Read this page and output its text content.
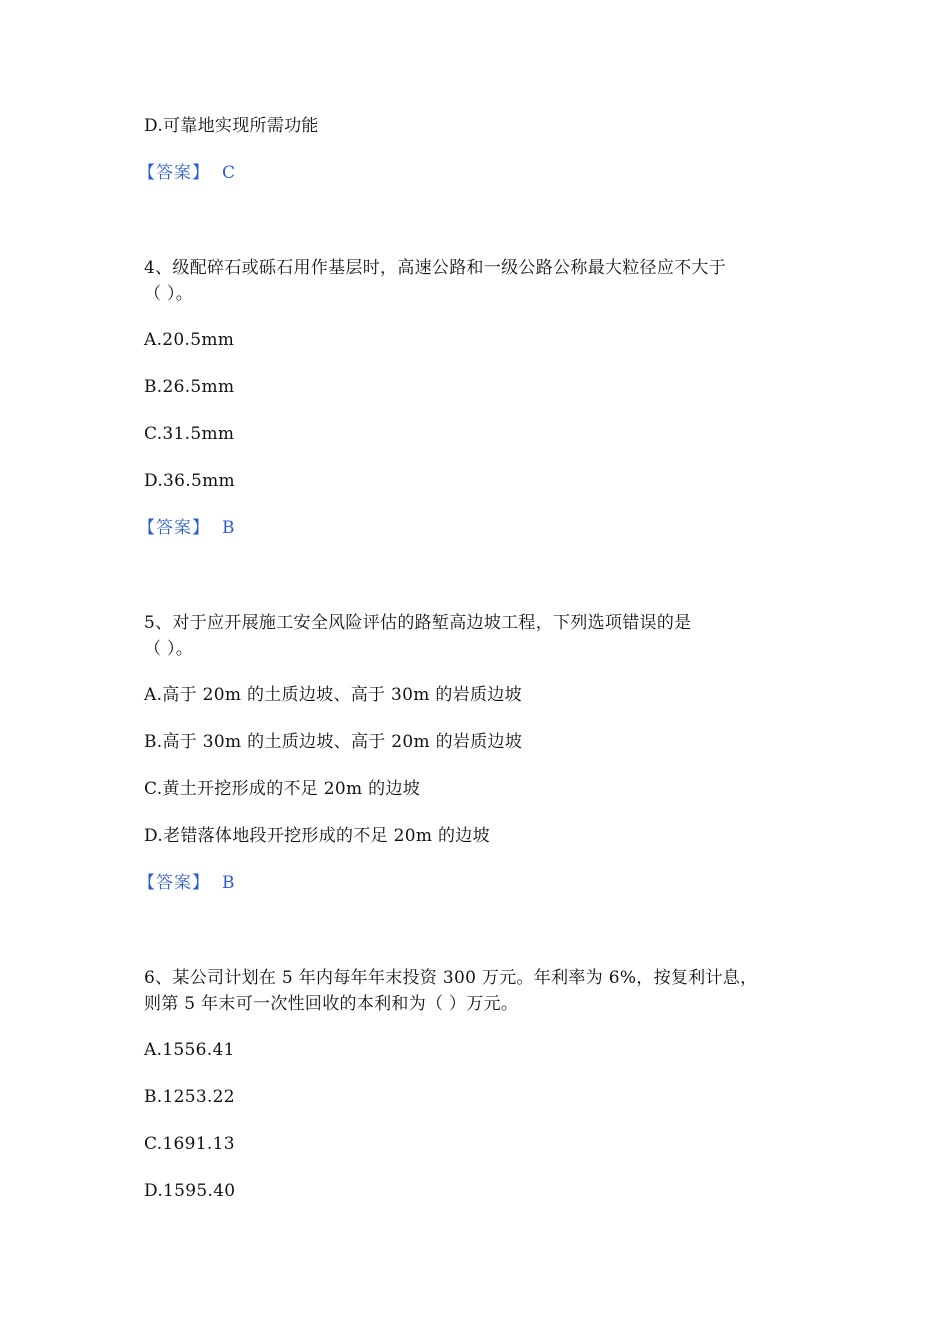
D.可靠地实现所需功能
【答案】 C
4、级配碎石或砾石用作基层时，高速公路和一级公路公称最大粒径应不大于
（ ）。
A.20.5mm
B.26.5mm
C.31.5mm
D.36.5mm
【答案】 B
5、对于应开展施工安全风险评估的路堑高边坡工程，下列选项错误的是
（ ）。
A.高于 20m 的土质边坡、高于 30m 的岩质边坡
B.高于 30m 的土质边坡、高于 20m 的岩质边坡
C.黄土开挖形成的不足 20m 的边坡
D.老错落体地段开挖形成的不足 20m 的边坡
【答案】 B
6、某公司计划在 5 年内每年年末投资 300 万元。年利率为 6%，按复利计息，
则第 5 年末可一次性回收的本利和为（ ）万元。
A.1556.41
B.1253.22
C.1691.13
D.1595.40
